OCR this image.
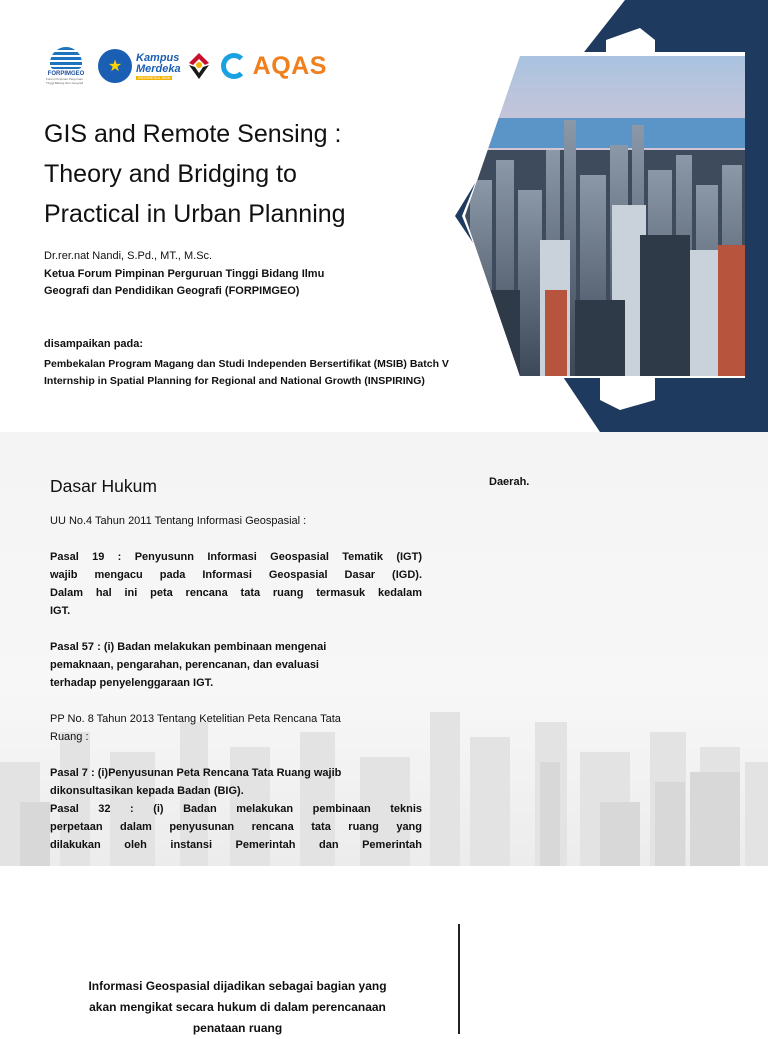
FORPIMGEO
Forum Pimpinan Perguruan Tinggi Bidang Ilmu Geografi
★
Kampus
Merdeka
INDONESIA JAYA	AQAS
GIS and Remote Sensing :
Theory and Bridging to
Practical in Urban Planning
Dr.rer.nat Nandi, S.Pd., MT., M.Sc.
Ketua Forum Pimpinan Perguruan Tinggi Bidang Ilmu
Geografi dan Pendidikan Geografi (FORPIMGEO)
disampaikan pada:
Pembekalan Program Magang dan Studi Independen Bersertifikat (MSIB) Batch V
Internship in Spatial Planning for Regional and National Growth (INSPIRING)
Dasar Hukum	Daerah.

UU No.4 Tahun 2011 Tentang Informasi Geospasial :

Pasal 19 : Penyusunn Informasi Geospasial Tematik (IGT)

wajib mengacu pada Informasi Geospasial Dasar (IGD).

Dalam hal ini peta rencana tata ruang termasuk kedalam

IGT.

Pasal 57 : (i) Badan melakukan pembinaan mengenai

pemaknaan, pengarahan, perencanan, dan evaluasi

terhadap penyelenggaraan IGT.

PP No. 8 Tahun 2013 Tentang Ketelitian Peta Rencana Tata

Ruang :

Pasal 7 : (i)Penyusunan Peta Rencana Tata Ruang wajib

dikonsultasikan kepada Badan (BIG).

Pasal 32 : (i) Badan melakukan pembinaan teknis

perpetaan dalam penyusunan rencana tata ruang yang

dilakukan oleh instansi Pemerintah dan Pemerintah

Informasi Geospasial dijadikan sebagai bagian yang
akan mengikat secara hukum di dalam perencanaan
penataan ruang
